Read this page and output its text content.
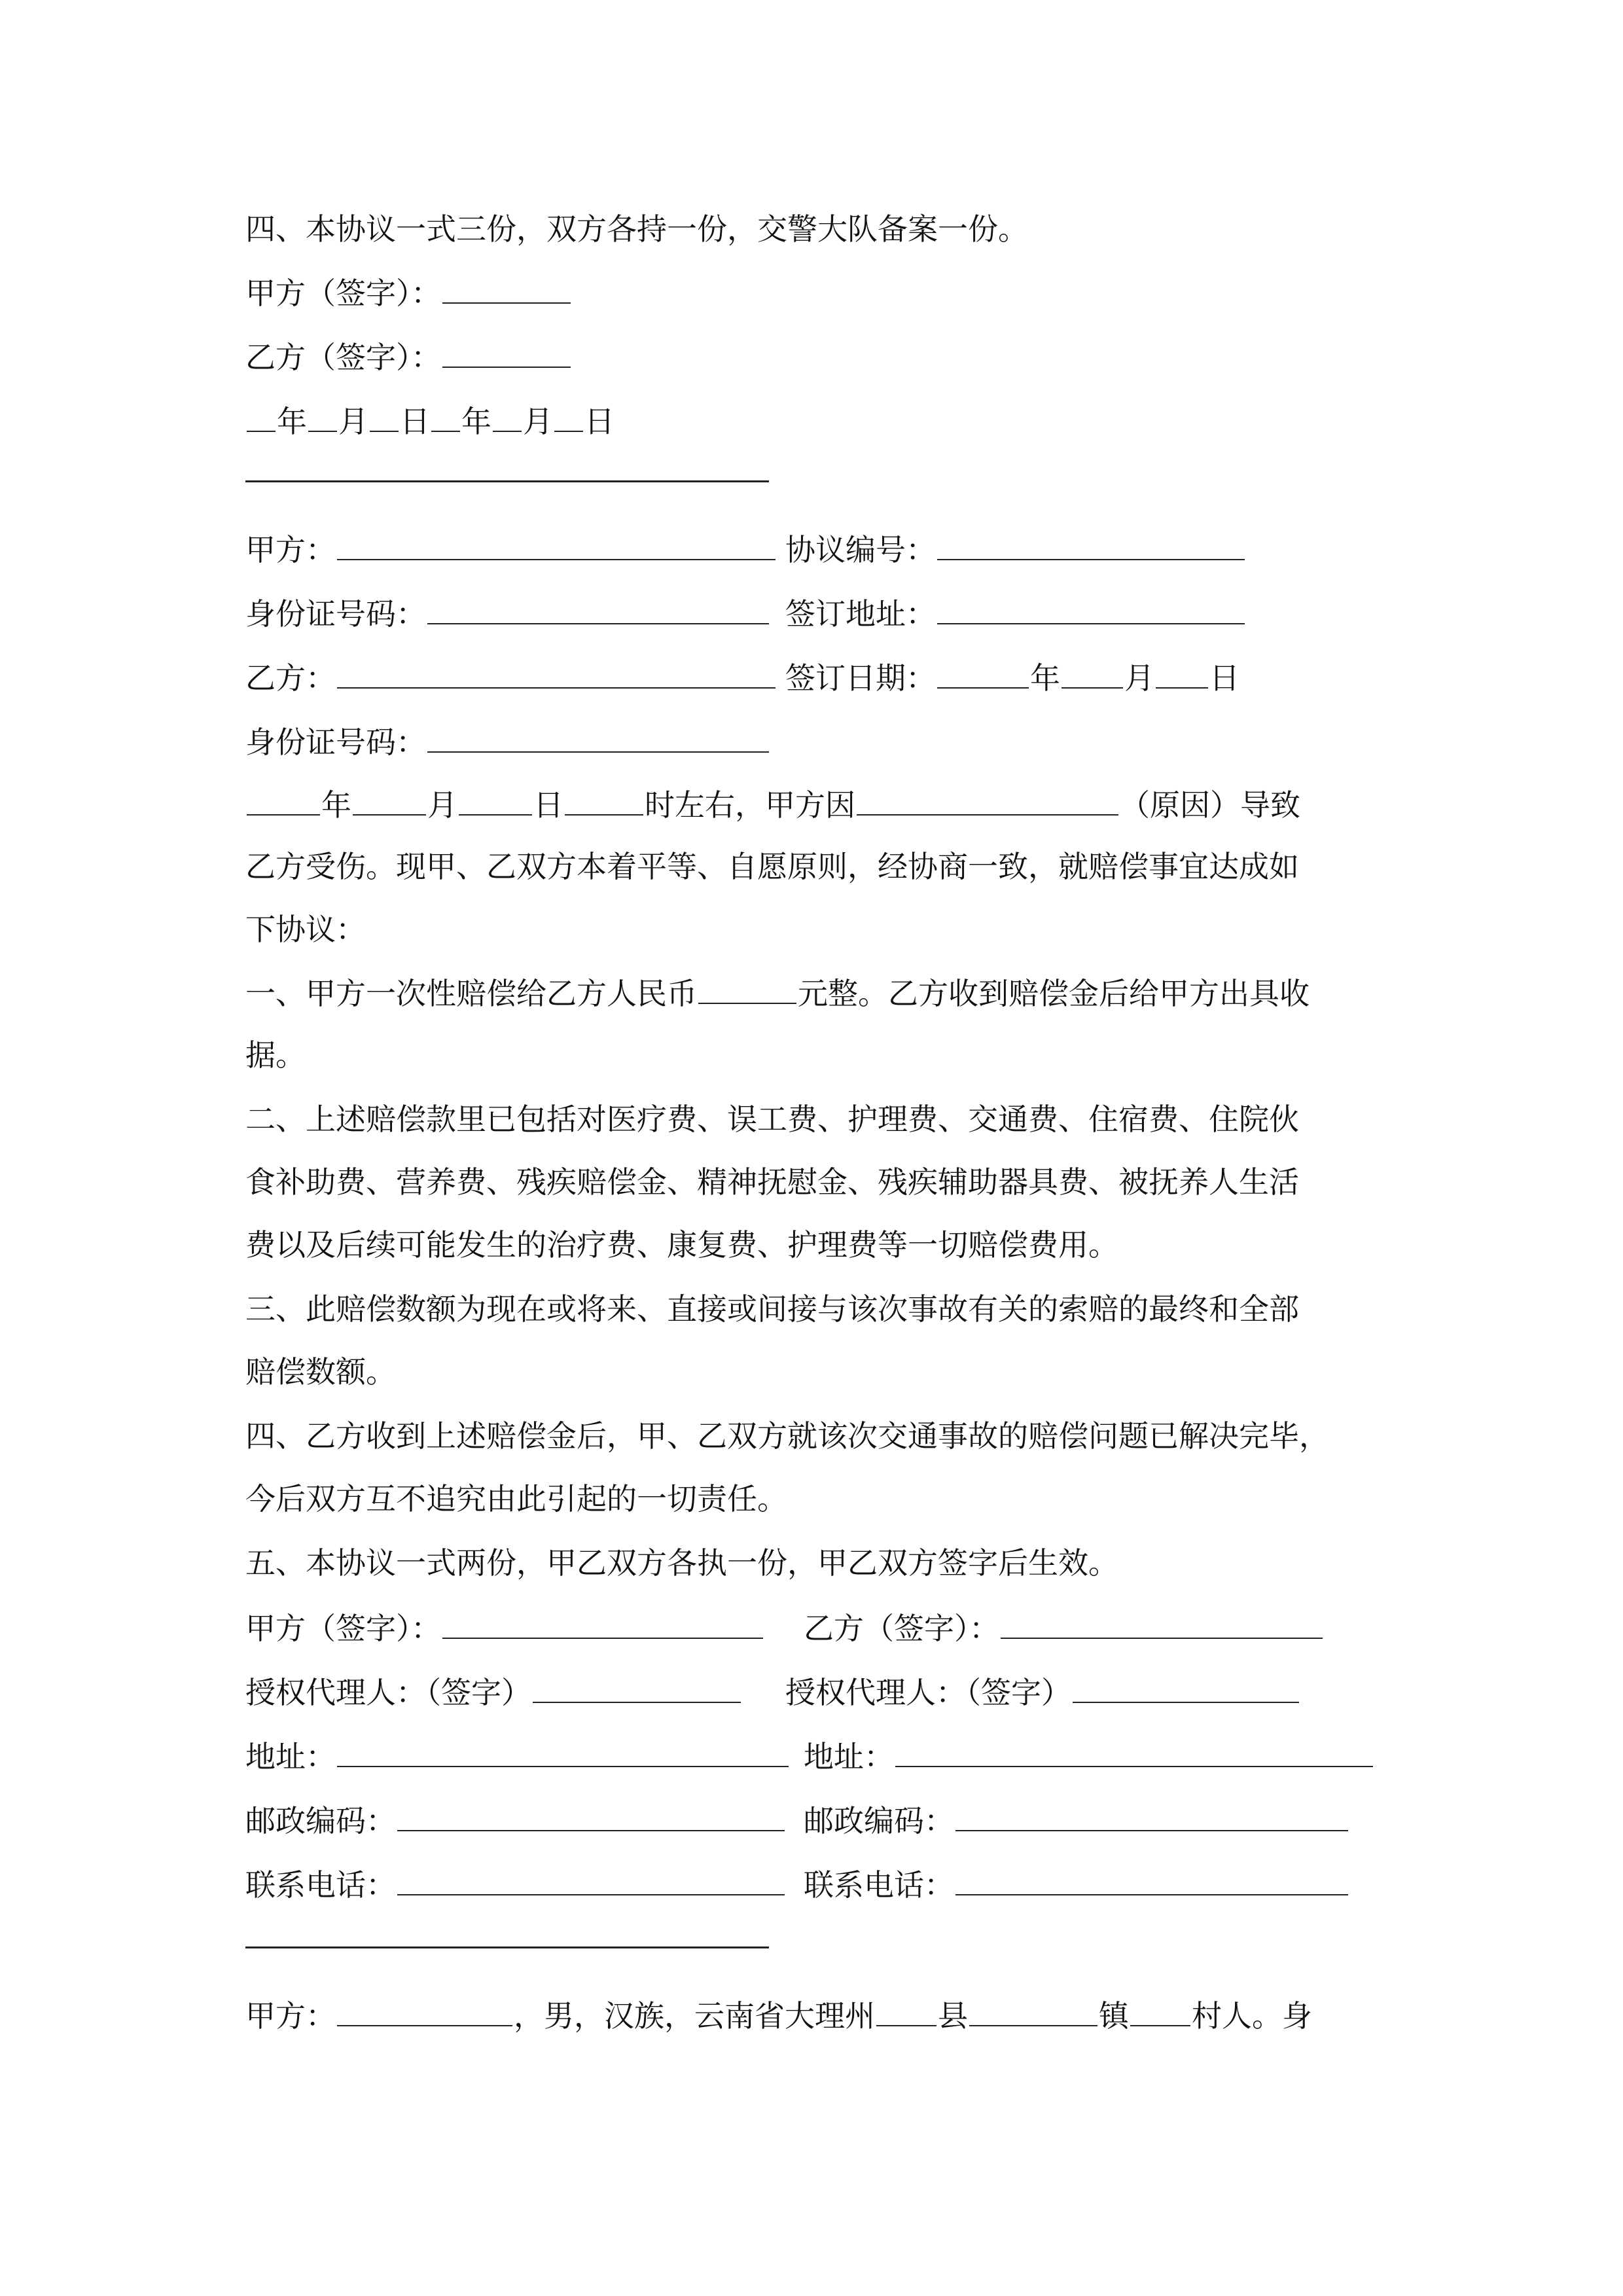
四、本协议一式三份，双方各持一份，交警大队备案一份。
甲方（签字）：
乙方（签字）：
年 月 日 年 月 日
甲方：	协议编号：
身份证号码：	签订地址：
乙方：	签订日期：	年 月 日
身份证号码：
年	月	日	时左右，甲方因	（原因）导致
乙方受伤。现甲、乙双方本着平等、自愿原则，经协商一致，就赔偿事宜达成如
下协议：
一、甲方一次性赔偿给乙方人民币	元整。乙方收到赔偿金后给甲方出具收
据。
二、上述赔偿款里已包括对医疗费、误工费、护理费、交通费、住宿费、住院伙
食补助费、营养费、残疾赔偿金、精神抚慰金、残疾辅助器具费、被抚养人生活
费以及后续可能发生的治疗费、康复费、护理费等一切赔偿费用。
三、此赔偿数额为现在或将来、直接或间接与该次事故有关的索赔的最终和全部
赔偿数额。
四、乙方收到上述赔偿金后，甲、乙双方就该次交通事故的赔偿问题已解决完毕，
今后双方互不追究由此引起的一切责任。
五、本协议一式两份，甲乙双方各执一份，甲乙双方签字后生效。
甲方（签字）：	乙方（签字）：
授权代理人：（签字）	授权代理人：（签字）
地址：	地址：
邮政编码：	邮政编码：
联系电话：	联系电话：
甲方：	，男，汉族，云南省大理州 县	镇 村人。身
